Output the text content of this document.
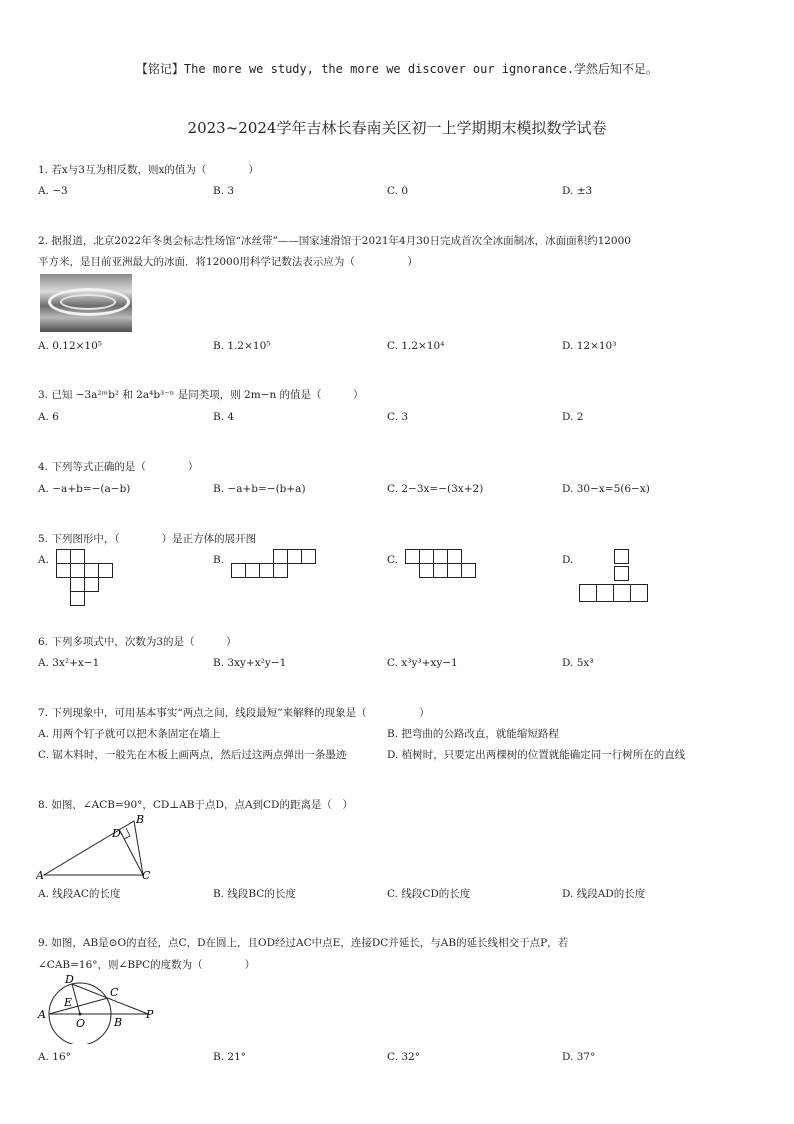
【铭记】The more we study, the more we discover our ignorance.学然后知不足。
2023~2024学年吉林长春南关区初一上学期期末模拟数学试卷
1. 若x与3互为相反数，则x的值为（　　　　）
A. −3	B. 3	C. 0	D. ±3
2. 据报道，北京2022年冬奥会标志性场馆“冰丝带”——国家速滑馆于2021年4月30日完成首次全冰面制冰，冰面面积约12000
平方米，是目前亚洲最大的冰面．将12000用科学记数法表示应为（　　　　　）
A. 0.12×10⁵	B. 1.2×10⁵	C. 1.2×10⁴	D. 12×10³
3. 已知 −3a²ᵐb² 和 2a⁴b³⁻ⁿ 是同类项，则 2m−n 的值是（　　　）
A. 6	B. 4	C. 3	D. 2
4. 下列等式正确的是（　　　　）
A. −a+b=−(a−b)	B. −a+b=−(b+a)	C. 2−3x=−(3x+2)	D. 30−x=5(6−x)
5. 下列图形中，（　　　　）是正方体的展开图
A.	B.	C.	D.
6. 下列多项式中，次数为3的是（　　　）
A. 3x²+x−1	B. 3xy+x²y−1	C. x³y³+xy−1	D. 5x³
7. 下列现象中，可用基本事实“两点之间，线段最短”来解释的现象是（　　　　　）
A. 用两个钉子就可以把木条固定在墙上	B. 把弯曲的公路改直，就能缩短路程
C. 锯木料时，一般先在木板上画两点，然后过这两点弹出一条墨迹	D. 植树时，只要定出两棵树的位置就能确定同一行树所在的直线
8. 如图，∠ACB=90°，CD⊥AB于点D，点A到CD的距离是（　）
A
B
C
D
A. 线段AC的长度	B. 线段BC的长度	C. 线段CD的长度	D. 线段AD的长度
9. 如图，AB是⊙O的直径，点C，D在圆上，且OD经过AC中点E，连接DC并延长，与AB的延长线相交于点P，若
∠CAB=16°，则∠BPC的度数为（　　　　）
A
B
C
D
E
O
P
A. 16°	B. 21°	C. 32°	D. 37°
